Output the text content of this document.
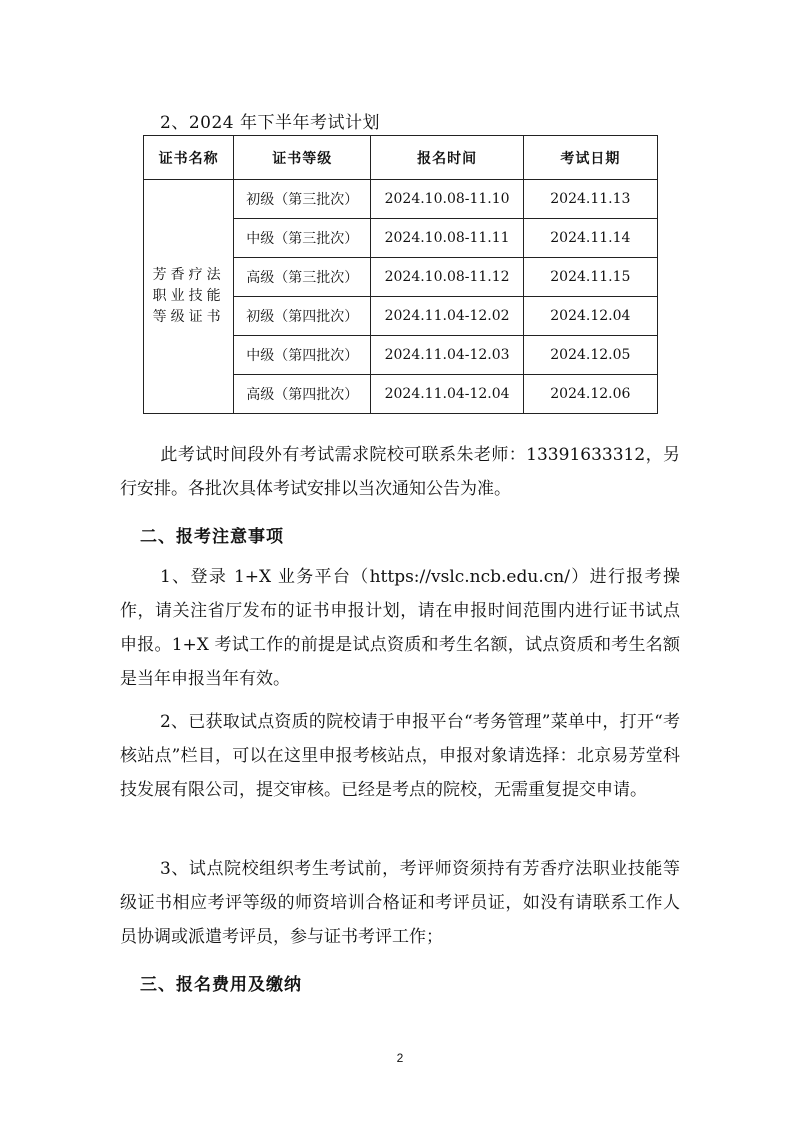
2、2024 年下半年考试计划
证书名称	证书等级	报名时间	考试日期

芳香疗法
职业技能
等级证书	初级（第三批次）	2024.10.08-11.10	2024.11.13
	中级（第三批次）	2024.10.08-11.11	2024.11.14
	高级（第三批次）	2024.10.08-11.12	2024.11.15
	初级（第四批次）	2024.11.04-12.02	2024.12.04
	中级（第四批次）	2024.11.04-12.03	2024.12.05
	高级（第四批次）	2024.11.04-12.04	2024.12.06

此考试时间段外有考试需求院校可联系朱老师：13391633312，另行安排。各批次具体考试安排以当次通知公告为准。

二、报考注意事项

1、登录 1+X 业务平台（https://vslc.ncb.edu.cn/）进行报考操作，请关注省厅发布的证书申报计划，请在申报时间范围内进行证书试点申报。1+X 考试工作的前提是试点资质和考生名额，试点资质和考生名额是当年申报当年有效。

2、已获取试点资质的院校请于申报平台“考务管理”菜单中，打开“考核站点”栏目，可以在这里申报考核站点，申报对象请选择：北京易芳堂科技发展有限公司，提交审核。已经是考点的院校，无需重复提交申请。

3、试点院校组织考生考试前，考评师资须持有芳香疗法职业技能等级证书相应考评等级的师资培训合格证和考评员证，如没有请联系工作人员协调或派遣考评员，参与证书考评工作；

三、报名费用及缴纳
2
